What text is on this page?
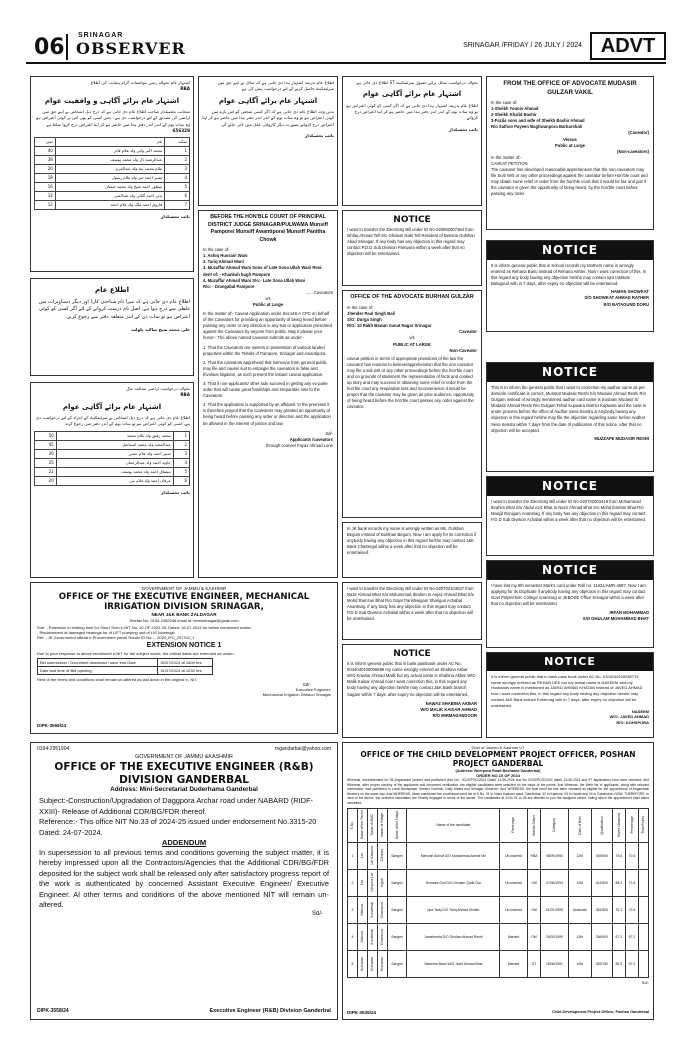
06 SRINAGAR
OBSERVER	SRINAGAR /FRIDAY / 26 JULY / 2024 ADVT
اشتہار عام بحوالہ زمین مواضعات گرام پنچایت کی اطلاع
RBA
اشتہار عام برائے آگاہی و واقفیت عوام
منجانب تحصیلدار صاحب اطلاع عام دی جاتی ہے کہ درج ذیل اشخاص نے اپنے حق میں اراضی کی تصدیق کے لئے درخواست دی ہے۔ جس کسی کو بھی اس پر کوئی اعتراض ہو وہ سات یوم کے اندر اندر دفتر ہذا میں حاضر ہو کر اپنا اعتراض درج کروا سکتا ہے
656328
سکنہ	نام	نمبر
1	محمد اکبر وانی ولد غلام قادر	40
2	عبدالرشید ڈار ولد محمد یوسف	38
3	غلام محمد بٹ ولد عبدالعزیز	20
4	بشیر احمد میر ولد غلام رسول	18
5	منظور احمد شیخ ولد محمد شعبان	16
6	نذیر احمد گنائی ولد عبدالغنی	14
7	فاروق احمد ملک ولد غلام احمد	12
نائب تحصیلدار
اطلاع عام
اطلاع عام دی جاتی ہے کہ میرا نام شناختی کارڈ اور دیگر دستاویزات میں غلطی سے درج ہوا ہے، اصل نام درست کروانے کے لئے اگر کسی کو کوئی اعتراض ہو تو سات دن کے اندر متعلقہ دفتر سے رجوع کریں
علی محمد شیخ ساکنہ پلوامہ
بحوالہ درخواست اراضی محکمہ مال
RBA
اشتہار عام برائے آگاہی عوام
اطلاع عام دی جاتی ہے کہ درج ذیل اشخاص نے سرٹیفکیٹ کے اجراء کے لئے درخواست دی ہے، کسی کو کوئی اعتراض ہو تو سات یوم کے اندر دفتر میں رجوع کرے
1	محمد رفیق ولد غلام محمد	50
2	عبدالمجید ولد محمد اسماعیل	45
3	شبیر احمد ولد غلام حسن	30
4	جاوید احمد ولد عبدالرحمان	25
5	مشتاق احمد ولد محمد یوسف	22
6	عرفان احمد ولد غلام نبی	20
نائب تحصیلدار
اطلاع عام بذریعہ اشتہار ہذا دی جاتی ہے کہ سائل نے اپنے حق میں سرٹیفکیٹ حاصل کرنے کے لئے درخواست پیش کی ہے
اشتہار عام برائے آگاہی عوام
بدیں وجہ اطلاع عام دی جاتی ہے کہ اگر کسی شخص کو اس بارے میں کوئی اعتراض ہو تو وہ سات یوم کے اندر اندر دفتر ہذا میں حاضر ہو کر اپنا اعتراض درج کروائے بصورت دیگر کاروائی عمل میں لائی جائے گی
نائب تحصیلدار
بحوالہ درخواست سائل برائے حصول سرٹیفکیٹ ST اطلاع دی جاتی ہے
اشتہار عام برائے آگاہی عوام
اطلاع عام بذریعہ اشتہار ہذا دی جاتی ہے کہ اگر کسی کو کوئی اعتراض ہو تو وہ سات یوم کے اندر اندر دفتر ہذا میں حاضر ہو کر اپنا اعتراض درج کروائے
نائب تحصیلدار
BEFORE THE HON'BLE COURT OF PRINCIPAL DISTRICT JUDGE SRINAGAR/PULWAMA Munsiff Pampore/ Munsiff Awantipora/ Munsiff Panitha Chowk
In the case of:-
1. Ashiq Hussain Wani
2. Tariq Ahmad Wani
3. Muzaffar Ahmad Wani Sons of Late Sona Ullah Wani Resi-
dent of: - Khankah bugh Pampore
4. Muzaffar Ahmad Wani S/o:- Late Sona Ullah Wani
R/o: - Drangabal Pampore
...... Caveators
v/s
Public at Large
In the matter of:- Caveat Application under Sec148-A CPC on behalf of the Caveators for providing an opportunity of being heard before passing any order or any direction in any suit or application presented against the Caveators by anyone from public. May it please your honor:- The above named caveator submits as under:-
1. That the Caveators are owners in possession of various landed properties within the Tehsils of Pampore, Srinagar and Awantipora.
2. That the caveators apprehend that someone from general public may file and cause/ suit to entangle the caveators in false and frivolous litigation, as such present the instant caveat application.
3. That if non-applicants/ other side succeed in getting any ex-parte order that will cause great hardships and irreparable loss to the Caveators.
4. That the application is supported by an affidavit. In the premises it is therefore prayed that the Caveators may granted an opportunity of being heard before passing any order or direction and the application be allowed in the interest of justice and law.
Sd/-
Applicants /caveators
through counsel Fayaz Ahmad Lone
NOTICE
I want to transfer the Electricity Bill under ID No-020802007364 from Ishfaq Ahmad Tell S/o Ghulam Nabi Tell Resident of Bemina Gulshan Abad Srinagar. If any body has any objection in this regard may contact P.D.D Sub Division Pampora within a week after that no objection will be entertained.
OFFICE OF THE ADVOCATE BURHAN GULZAR
In the case of:
Jitender Paul Singh Bali
S/O: Durga Singh
R/O: 10 Rakh Bawan Sanat Nagar Srinagar
Caveator
v/s
PUBLIC AT LARGE
Non-Caveator
caveat petition in terms of appropriate provisions of the law the caveator has reasons to believe/apprehension that the non caveator may file a suit writ or any other proceedings before the hon'ble court and on grounds of statement the representation of facts and cooked up story and may succeed in obtaining some relief or order from the hon'ble court any irreparable loss and inconvenience it would be proper that the caveator may be given an prior audience, opportunity of being heard before the hon'ble court passes any order against the caveator.
In JK bank records my name is wrongly written as Ms. Gulshan Begum instead of Gulshan Begum. Now I am apply for its correction if anybody having any objection in this regard he/she may contact J&K Bank Chattergul within a week after that no objection will be entertained.
I want to transfer the Electricity Bill under ID No-020702104537 from Nazir Ahmad Bhat S/o Mohammad Ibrahim to Aejaz Ahmad Bhat S/o Mohd Ramzan Bhat R/o Gojar Parishwigam Shangus Achabal Anantnag. If any body has any objection in this regard may contact P.D.D Sub Division Achabal within a week after that no objection will be entertained.
NOTICE
It is inform general public that in bank passbook under AC No. 0044040100006699 my name wrongly entered as Shabina Akbar W/O Kowsar Ahmad Malik but my actual name is Shabina Akbar W/O Malik Kaisar Ahmad now I want correction this, in this regard any body having any objection he/she may contact J&K Bank branch Sagam within 7 days, after expiry no objection will be entertained.
NAWAZ SHABINA AKBAR
W/O MALIK KAISAR AHMAD
R/O MIRMADANDOOR
FROM THE OFFICE OF ADVOCATE MUDASIR GULZAR VAKIL
In the case of:
1-Sheikh Younis Ahmad
2-Sheikh Khalid Bashir
3-Fazila sons and wife of Sheikh Bashir Ahmad
R/o Sathoo Payeen Baghwanpora Barbarshah
(Caveator)
Versus
Public at Large
(Non-caveators)
In the matter of:-
CAVEAT PETITION
The caveator has developed reasonable apprehension that the non-caveators may file Suit/ Writ or any other proceedings against the caveator before Hon'ble court and may obtain some relief or order from the hon'ble court that it would be fair and just if the caveator is given the opportunity of being heard, by the hon'ble court before passing any order.
NOTICE
It is inform general public that in School records my Mothers name is wrongly entered as Rehana Bano instead of Rehana Akhter. Now I want correction of this. In this regard any body having any objection he/she may contact Iqra Institute Bataguud with in 7 days, after expiry no objection will be entertained.
HAMAN SHOWKAT
S/O SHOWKAT AHMAD RATHER
R/O BATAGUND DORU
NOTICE
This is to inform the general public that I want to correction my aadhar name as per domicile certificate is correct, Mussrat Mudasir Reshi S/o Mudasir Ahmad Reshi R/o Gulgam instead of wrongly mentioned aadhar card name is Soubam Mudasir S/ Mudasir Ahmad Reshi R/o Gulgam Tehsil Kupwara District Kupwara and the case is under process before the office of Aadhar Seva Kendra & Anybody having any objection in this regard he/she may file the objection regarding same before Aadhar Seva Kendra within 7 days from the date of publication of this notice, after that no objection will be accepted.
MUZZAFE MUDASIR RESHI
NOTICE
I want to transfer the Electricity Bill under ID No-020702003418 from Mohammad Ibrahim Bhat S/o Abdul Aziz Bhat to Nazir Ahmad Bhat S/o Mohd Ibrahim Bhat R/o Masjid Bonigam Anantnag. If any body has any objection in this regard may contact P.D.D Sub Division Achabal within a week after that no objection will be entertained.
NOTICE
I have lost my 6th semester Mark's card under Roll no. 11631/AMR-4687. Now I am applying for its Duplicate if anybody having any objection in this regard may contact Govt Polytechnic College Anantnag or JKBOSE Office Srinagar within a week after that no objection will be entertained.
IRFAN MOHAMMAD
S/O GHULAM MOHAMMAD BHAT
NOTICE
It is inform general public that in bank pass book under AC No. 0104040100036719 name wrongly entered as REHAN DEK but my actual name is NASEEM and my Husbands name is mentioned as JAVED AHMAD KHATAN instead of JAVED AHMAD now I want correction this, in this regard any body having any objection he/she may contact J&K Bank branch Kokernag with in 7 days, after expiry no objection will be entertained.
NASEEM
W/O: JAVED AHMAD
R/O: KOHSPORA
GOVERNMENT OF JAMMU & KASHMIR
OFFICE OF THE EXECUTIVE ENGINEER, MECHANICAL
IRRIGATION DIVISION SRINAGAR,
NEAR J&K BANK ZALDAGAR
Telefax No. 0194-2452046 email id: eemisrinagar@gmail.com
Sub: - Extension in bidding time for Short Term e-NIT No. 10 OF 2024-25, Dated: 16-07-2024 for below mentioned works:-
- Replacement of damaged bearings for of LIFT pumping unit of LIS Nowbugh
Ref: - JK Government official e-Procurement portal Tender ID No.: - 2024_IFC_257312_1
EXTENSION NOTICE 1
Due to poor response to above mentioned e-NIT for the subject works, the critical dates are extended as under:-
Bid submission / Document download / save end Date	30/07/2024 at 1600 hrs
Date and time of Bid opening	31/07/2024 at 1230 hrs
Rest of the terms and conditions shall remain un-altered as laid down in the original e- NIT.
Sd/-
Executive Engineer,
Mechanical Irrigation Division Srinagar
DIPK-3559/24
0194-2951904	mgandarbal@yahoo.com
GOVERNMENT OF JAMMU &KASHMIR
OFFICE OF THE EXECUTIVE ENGINEER (R&B)
DIVISION GANDERBAL
Address: Mini-Secretariat Duderhama Ganderbal
Subject:-Construction/Upgradation of Daggpora Archar road under NABARD (RIDF-XXIII)- Release of Additional CDR/BG/FDR thereof.
Reference:- This office NIT No.33 of 2024-25 issued under endorsement No.3315-20 Dated: 24-07-2024.
ADDENDUM
In supersession to all previous terms and conditions governing the subject matter, it is hereby impressed upon all the Contractors/Agencies that the Additional CDR/BG/FDR deposited for the subject work shall be released only after satisfactory progress report of the work is authenticated by concerned Assistant Executive Engineer/ Executive Engineer. Al other terms and conditions of the above mentioned NIT will remain un- altered.
Sd/-
DIPK-3558/24	Executive Engineer (R&B) Division Ganderbal
Govt of Jammu & Kashmir UT
OFFICE OF THE CHILD DEVELOPMENT PROJECT OFFICER, POSHAN PROJECT GANDERBAL
(Address: Beerpora Road Beehama Ganderbal)
ORDER NO.10 OF 2024
Whereas, advertisement for 05 Anganwadi centres was published vide No:- ICDS/POG/2024 Dated 13-06-2024 and No ICDS/POG/2024 dated 13-06-2024 and 97 applications form were received; And Whereas, after proper scrutiny of the applicants and document verification, the eligible candidates were selected on the basis of the points; And Whereas, the Merit list of applicants, along with relevant information, was published in Local Newspaper Greater Kashmir, Daily Alsafa and Srinagar Observer; And WHEREAS, the final merit list has been released as eligible for the appointment of Anganwadi Workers on the same day; And WHEREAS, those mentioned the provisional merit list at S.No. 01 in Nasir Kashmir ward, Ganderbal, 02 in Kashmir, 03 in Harab and 04 in Ganderbal; NOW, THEREFORE, in view of the above, the selected candidates are hereby engaged in terms of the above. The candidates at S.No 01 to 05 are directed to join the assigned centre, failing which the appointment shall stand cancelled.
S.No.	Name of the Sector	Name of AWC	Name of Village	Name of the Halqa	Name of the candidate	Parentage	Marital Status	Category	Date of Birth	Qualification	Marks Obtained	Percentage	Total Points
1	Lar	Lar Kakpora	Zuhama	Sangmi	Mehvish Ashraf D/O Mohammad Ashraf Mir	Un-married	RBA	08/09/1993	12th	393/500	78.6	70.6	
2	Lar	Uchpora Lar	Kijpar	Sangmi	Sumaira Gull D/O Ghulam Qadir Dar	Un-married	OM	07/06/1994	12th	441/500	88.2	71.5	
3	Wakura	Kunderbal	Dharmund	Sangmi	Iqra Tariq D/O Tariq Ahmad Shaikh	Un-married	OM	01/02/1999	Graduate	381/500	76.2	72.6	
4	Wakura	Kunderbal	Dharmund	Sangmi	Jamsheeda D/O Ghulam Ahmad Reshi	Married	OM	25/03/1999	12th	336/500	67.2	67.2	
5	Kurhama	Kurhama	Kurhama	Sangmi	Saleema Bano W/O Javid Ahmad Bhat	Married	ST	18/06/1991	10th	382/750	50.9	57.2	
Sd/-
DIPK-3535/24	Child Development Project Officer, Poshan Ganderbal
